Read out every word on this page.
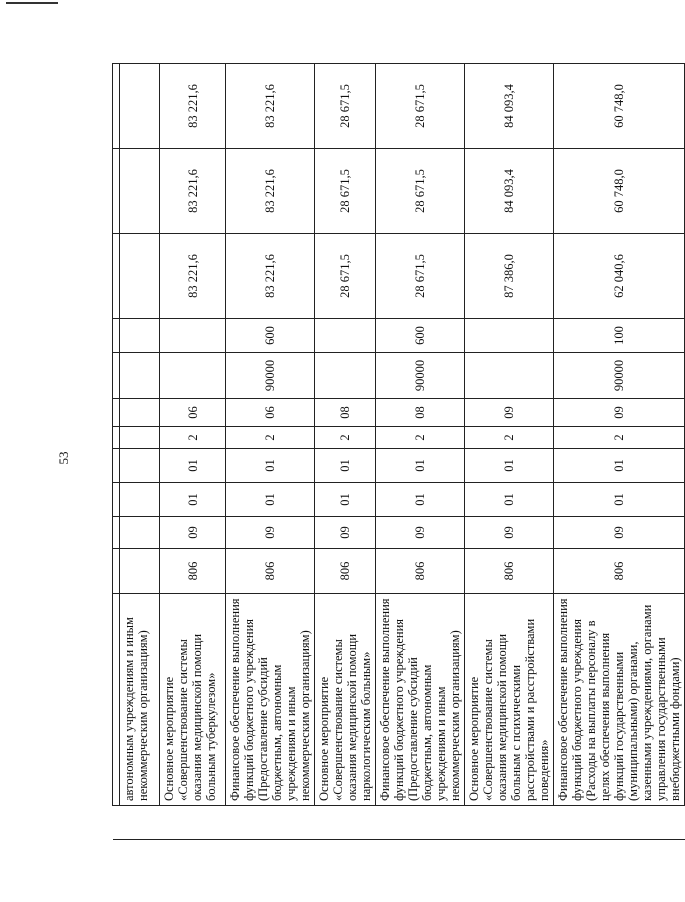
53

	автономным учреждениям и иным некоммерческим организациям)											
	Основное мероприятие «Совершенствование системы оказания медицинской помощи больным туберкулезом»	806	09	01	01	2	06			83 221,6	83 221,6	83 221,6
	Финансовое обеспечение выполнения функций бюджетного учреждения (Предоставление субсидий бюджетным, автономным учреждениям и иным некоммерческим организациям)	806	09	01	01	2	06	90000	600	83 221,6	83 221,6	83 221,6
	Основное мероприятие «Совершенствование системы оказания медицинской помощи наркологическим больным»	806	09	01	01	2	08			28 671,5	28 671,5	28 671,5
	Финансовое обеспечение выполнения функций бюджетного учреждения (Предоставление субсидий бюджетным, автономным учреждениям и иным некоммерческим организациям)	806	09	01	01	2	08	90000	600	28 671,5	28 671,5	28 671,5
	Основное мероприятие «Совершенствование системы оказания медицинской помощи больным с психическими расстройствами и расстройствами поведения»	806	09	01	01	2	09			87 386,0	84 093,4	84 093,4
	Финансовое обеспечение выполнения функций бюджетного учреждения (Расходы на выплаты персоналу в целях обеспечения выполнения функций государственными (муниципальными) органами, казенными учреждениями, органами управления государственными внебюджетными фондами)	806	09	01	01	2	09	90000	100	62 040,6	60 748,0	60 748,0
